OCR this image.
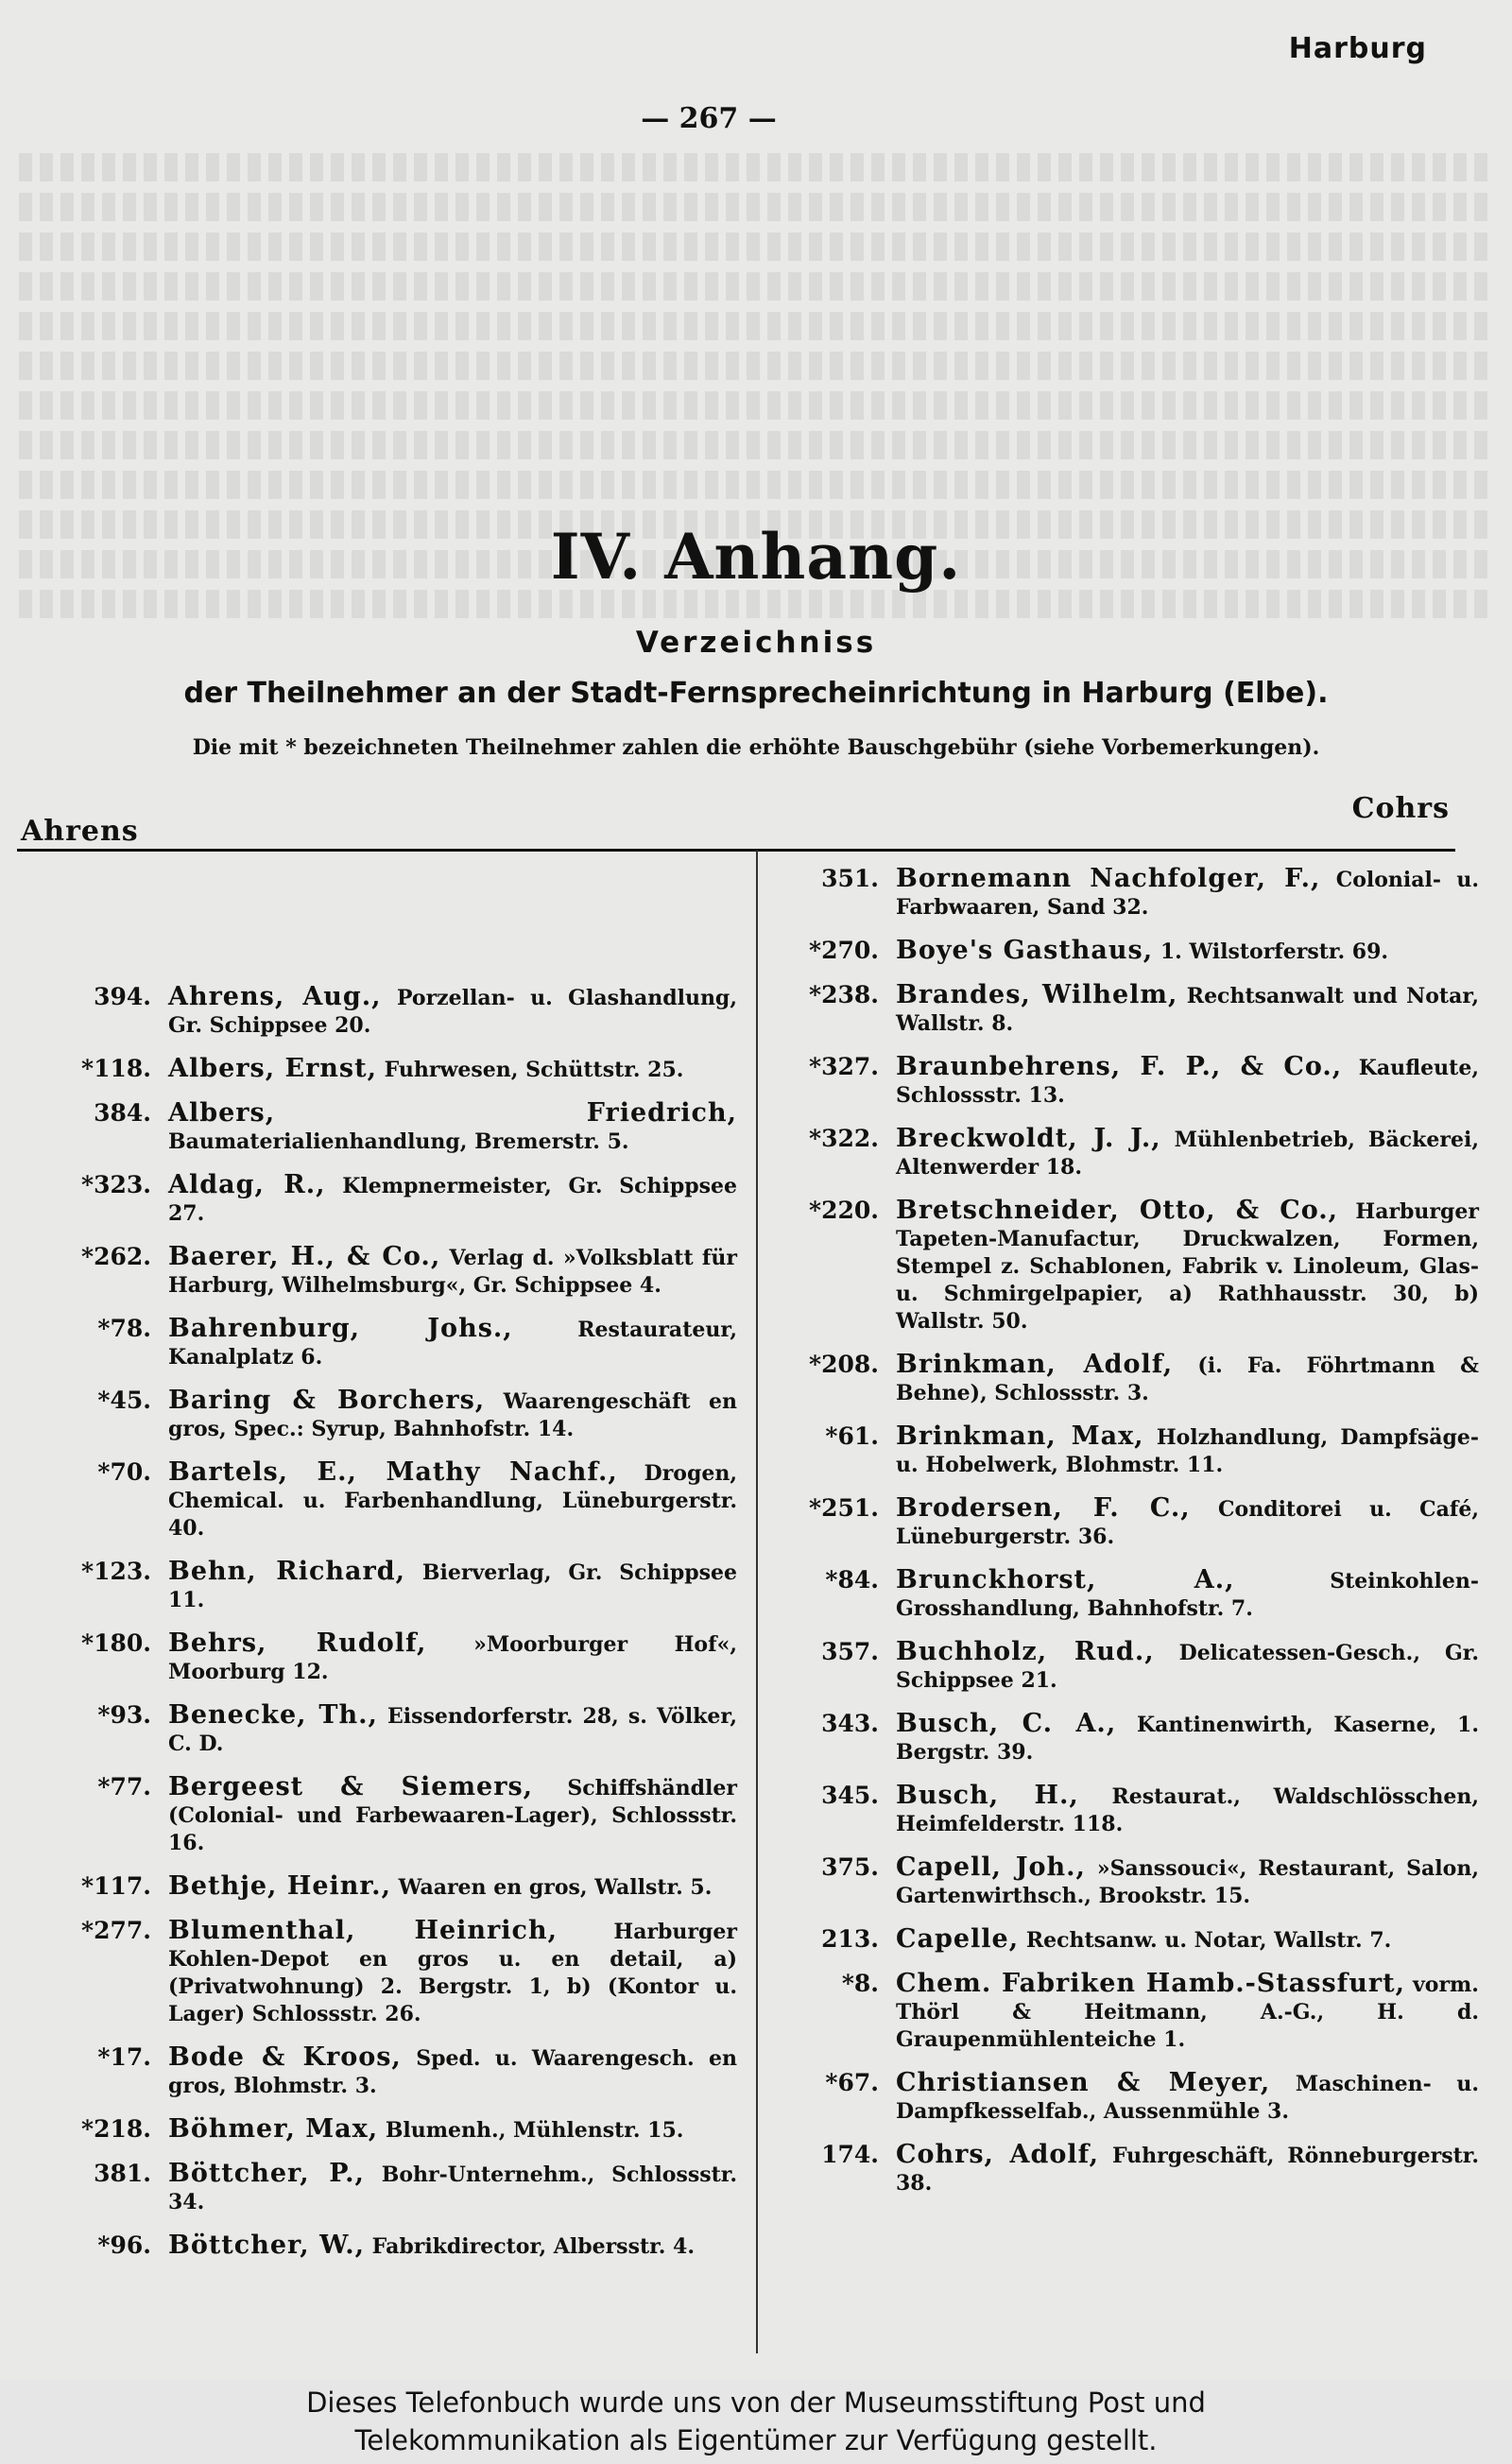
Harburg
— 267 —
IV. Anhang.
Verzeichniss
der Theilnehmer an der Stadt-Fernsprecheinrichtung in Harburg (Elbe).
Die mit * bezeichneten Theilnehmer zahlen die erhöhte Bauschgebühr (siehe Vorbemerkungen).
Ahrens
Cohrs
394. Ahrens, Aug., Porzellan- u. Glashandlung, Gr. Schippsee 20.
*118. Albers, Ernst, Fuhrwesen, Schüttstr. 25.
384. Albers, Friedrich, Baumaterialienhandlung, Bremerstr. 5.
*323. Aldag, R., Klempnermeister, Gr. Schippsee 27.
*262. Baerer, H., & Co., Verlag d. »Volksblatt für Harburg, Wilhelmsburg«, Gr. Schippsee 4.
*78. Bahrenburg, Johs.,	Restaurateur, Kanalplatz 6.
*45. Baring & Borchers, Waarengeschäft en gros, Spec.: Syrup, Bahnhofstr. 14.
*70. Bartels, E., Mathy Nachf., Drogen, Chemical. u. Farbenhandlung, Lüneburgerstr. 40.
*123. Behn, Richard, Bierverlag, Gr. Schippsee 11.
*180. Behrs, Rudolf, »Moorburger Hof«, Moorburg 12.
*93. Benecke, Th., Eissendorferstr. 28, s. Völker, C. D.
*77. Bergeest & Siemers, Schiffshändler (Colonial- und Farbewaaren-Lager), Schlossstr. 16.
*117. Bethje, Heinr., Waaren en gros, Wallstr. 5.
*277. Blumenthal, Heinrich,	Harburger Kohlen-Depot en gros u. en detail, a) (Privatwohnung) 2. Bergstr. 1, b) (Kontor u. Lager) Schlossstr. 26.
*17. Bode & Kroos, Sped. u. Waarengesch. en gros, Blohmstr. 3.
*218. Böhmer, Max, Blumenh., Mühlenstr. 15.
381. Böttcher, P., Bohr-Unternehm., Schlossstr. 34.
*96. Böttcher, W., Fabrikdirector, Albersstr. 4.
351. Bornemann Nachfolger, F., Colonial- u. Farbwaaren, Sand 32.
*270. Boye's Gasthaus, 1. Wilstorferstr. 69.
*238. Brandes, Wilhelm, Rechtsanwalt und Notar, Wallstr. 8.
*327. Braunbehrens, F. P., & Co., Kaufleute, Schlossstr. 13.
*322. Breckwoldt, J. J., Mühlenbetrieb, Bäckerei, Altenwerder 18.
*220. Bretschneider, Otto, & Co., Harburger Tapeten-Manufactur, Druckwalzen, Formen, Stempel z. Schablonen, Fabrik v. Linoleum, Glas- u. Schmirgelpapier, a) Rathhausstr. 30, b) Wallstr. 50.
*208. Brinkman, Adolf, (i. Fa. Föhrtmann & Behne), Schlossstr. 3.
*61. Brinkman, Max, Holzhandlung, Dampfsäge- u. Hobelwerk, Blohmstr. 11.
*251. Brodersen, F. C., Conditorei u. Café, Lüneburgerstr. 36.
*84. Brunckhorst, A.,	Steinkohlen-Grosshandlung, Bahnhofstr. 7.
357. Buchholz, Rud., Delicatessen-Gesch., Gr. Schippsee 21.
343. Busch, C. A., Kantinenwirth, Kaserne, 1. Bergstr. 39.
345. Busch, H., Restaurat., Waldschlösschen, Heimfelderstr. 118.
375. Capell, Joh., »Sanssouci«, Restaurant, Salon, Gartenwirthsch., Brookstr. 15.
213. Capelle, Rechtsanw. u. Notar, Wallstr. 7.
*8. Chem. Fabriken Hamb.-Stassfurt, vorm. Thörl & Heitmann, A.-G., H. d. Graupenmühlenteiche 1.
*67. Christiansen & Meyer, Maschinen- u. Dampfkesselfab., Aussenmühle 3.
174. Cohrs, Adolf, Fuhrgeschäft, Rönneburgerstr. 38.
Dieses Telefonbuch wurde uns von der Museumsstiftung Post und
Telekommunikation als Eigentümer zur Verfügung gestellt.
